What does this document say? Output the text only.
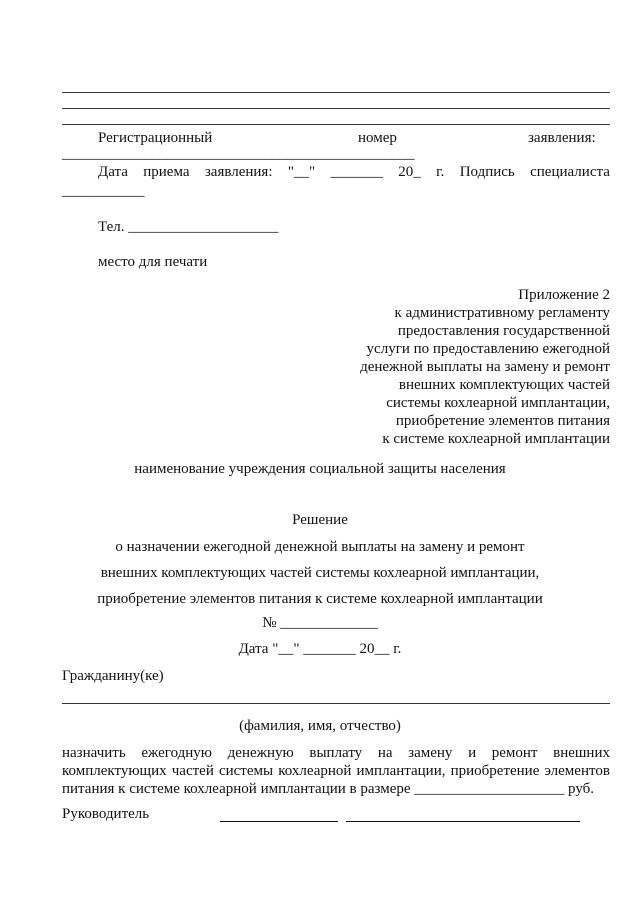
Регистрационный	номер	заявления:
_______________________________________________
Дата приема заявления: "__" _______ 20_ г. Подпись специалиста
___________
Тел. ____________________
место для печати
Приложение 2
к административному регламенту
предоставления государственной
услуги по предоставлению ежегодной
денежной выплаты на замену и ремонт
внешних комплектующих частей
системы кохлеарной имплантации,
приобретение элементов питания
к системе кохлеарной имплантации
наименование учреждения социальной защиты населения
Решение
о назначении ежегодной денежной выплаты на замену и ремонт
внешних комплектующих частей системы кохлеарной имплантации,
приобретение элементов питания к системе кохлеарной имплантации
№ _____________
Дата "__" _______ 20__ г.
Гражданину(ке)
(фамилия, имя, отчество)
назначить ежегодную денежную выплату на замену и ремонт внешних
комплектующих частей системы кохлеарной имплантации, приобретение элементов
питания к системе кохлеарной имплантации в размере ____________________ руб.
Руководитель
